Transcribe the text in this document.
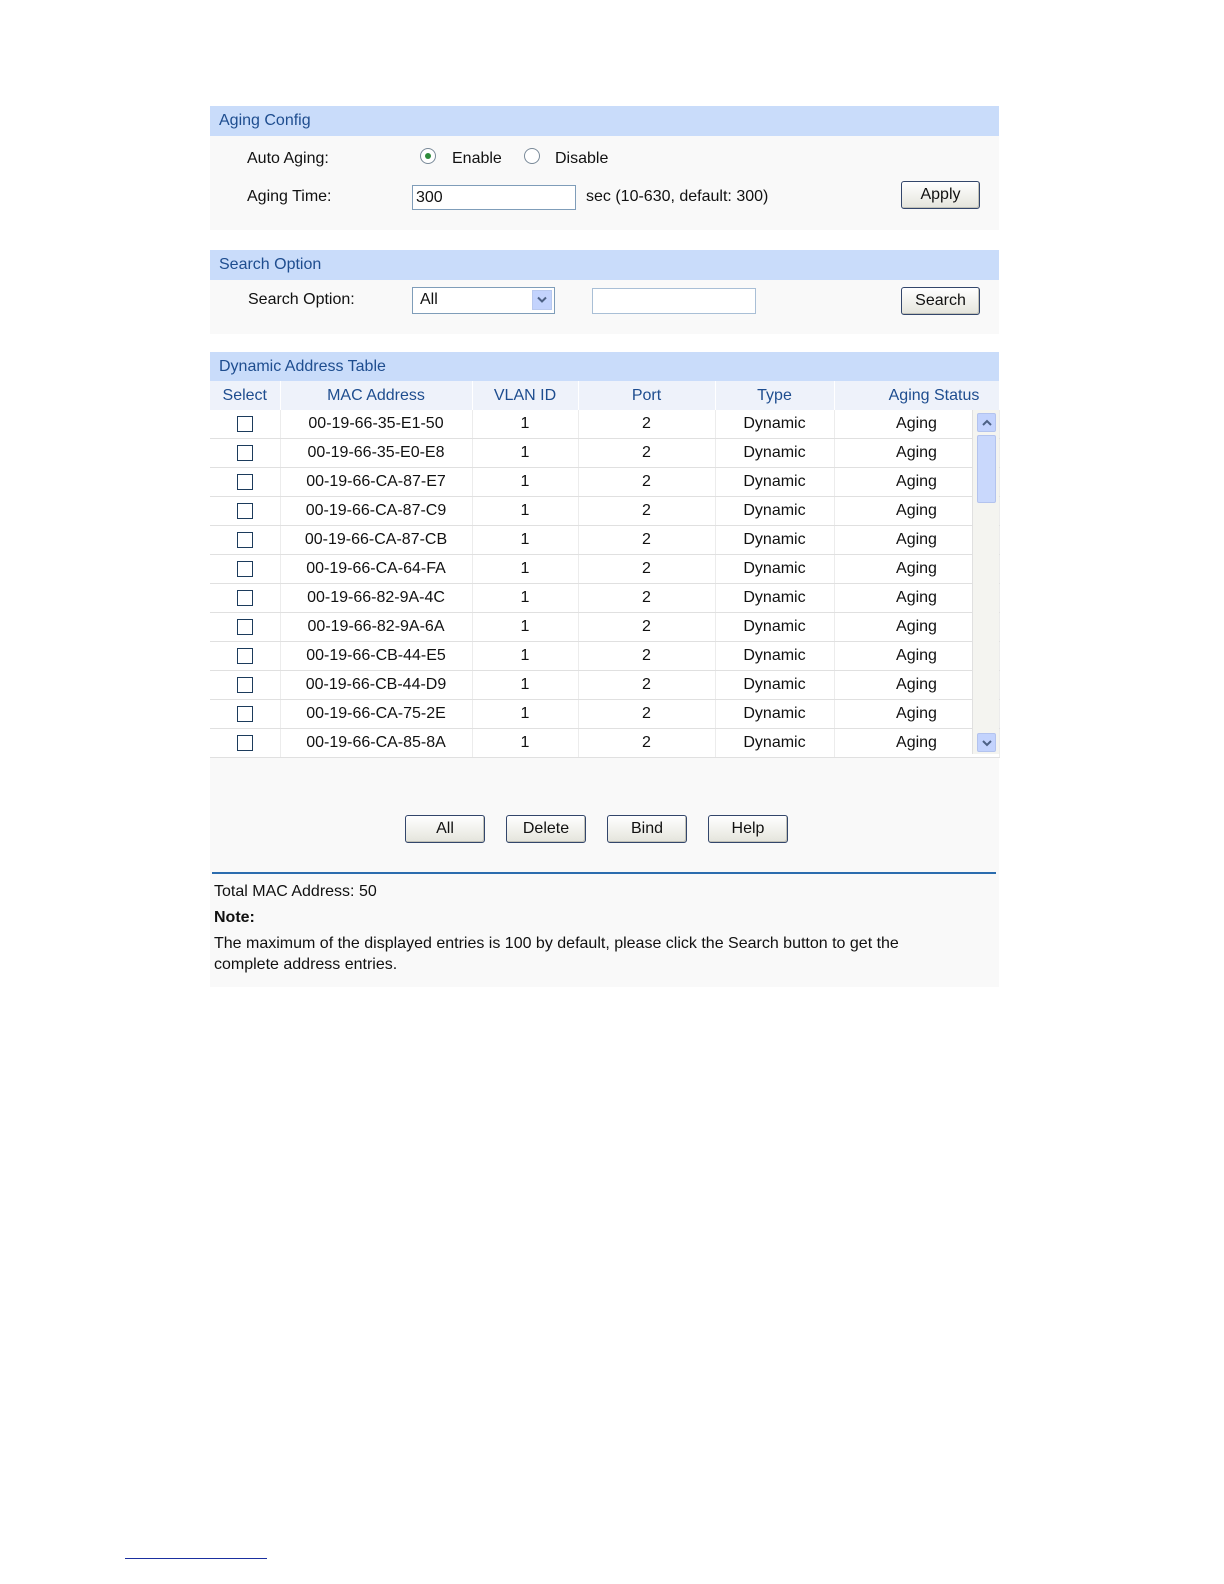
Aging Config
Auto Aging:	Enable	Disable
Aging Time:
300	sec (10-630, default: 300)	Apply
Search Option
Search Option:	All	Search
Dynamic Address Table
Select	MAC Address	VLAN ID	Port	Type	Aging Status
	00-19-66-35-E1-50	1	2	Dynamic	Aging
	00-19-66-35-E0-E8	1	2	Dynamic	Aging
	00-19-66-CA-87-E7	1	2	Dynamic	Aging
	00-19-66-CA-87-C9	1	2	Dynamic	Aging
	00-19-66-CA-87-CB	1	2	Dynamic	Aging
	00-19-66-CA-64-FA	1	2	Dynamic	Aging
	00-19-66-82-9A-4C	1	2	Dynamic	Aging
	00-19-66-82-9A-6A	1	2	Dynamic	Aging
	00-19-66-CB-44-E5	1	2	Dynamic	Aging
	00-19-66-CB-44-D9	1	2	Dynamic	Aging
	00-19-66-CA-75-2E	1	2	Dynamic	Aging
	00-19-66-CA-85-8A	1	2	Dynamic	Aging
All	Delete	Bind	Help
Total MAC Address: 50
Note:
The maximum of the displayed entries is 100 by default, please click the Search button to get the
complete address entries.
